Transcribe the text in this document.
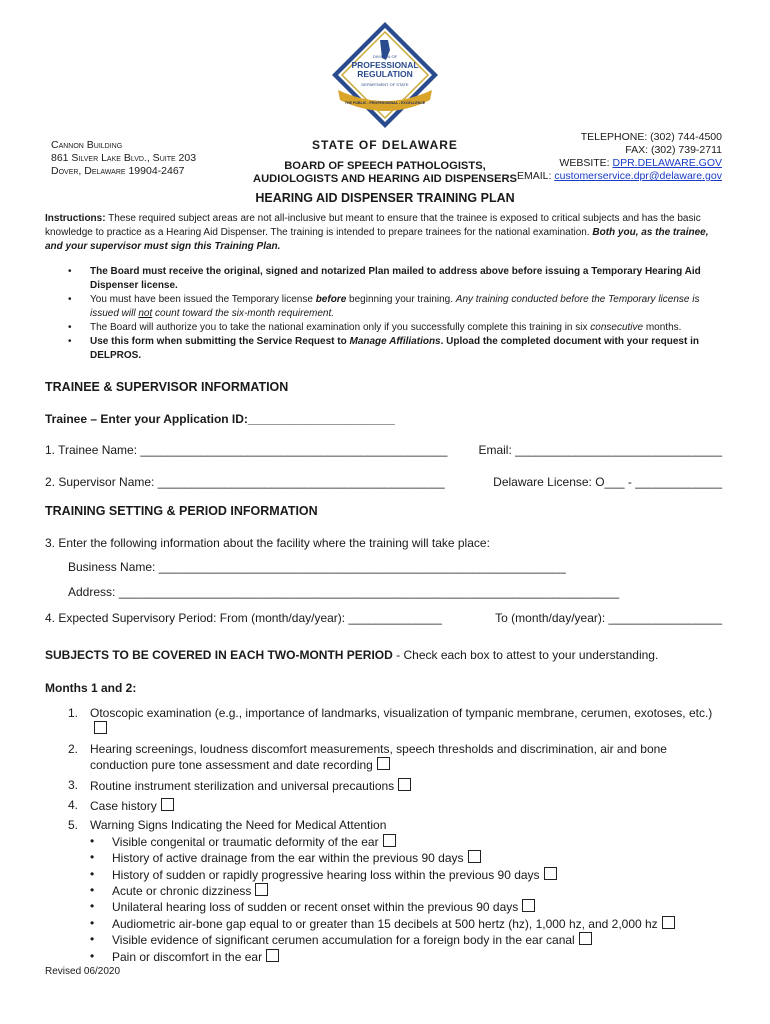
DIVISION OF
PROFESSIONAL
REGULATION
DEPARTMENT OF STATE
THE PUBLIC - PROFESSIONAL - EXCELLENCE
Cannon Building
861 Silver Lake Blvd., Suite 203
Dover, Delaware 19904-2467
STATE OF DELAWARE
BOARD OF SPEECH PATHOLOGISTS,
AUDIOLOGISTS AND HEARING AID DISPENSERS
TELEPHONE: (302) 744-4500
FAX: (302) 739-2711
WEBSITE: DPR.DELAWARE.GOV
EMAIL: customerservice.dpr@delaware.gov
HEARING AID DISPENSER TRAINING PLAN
Instructions: These required subject areas are not all-inclusive but meant to ensure that the trainee is exposed to critical subjects and has the basic knowledge to practice as a Hearing Aid Dispenser. The training is intended to prepare trainees for the national examination. Both you, as the trainee, and your supervisor must sign this Training Plan.
• The Board must receive the original, signed and notarized Plan mailed to address above before issuing a Temporary Hearing Aid Dispenser license.
• You must have been issued the Temporary license before beginning your training. Any training conducted before the Temporary license is issued will not count toward the six-month requirement.
• The Board will authorize you to take the national examination only if you successfully complete this training in six consecutive months.
• Use this form when submitting the Service Request to Manage Affiliations. Upload the completed document with your request in DELPROS.
TRAINEE & SUPERVISOR INFORMATION
Trainee – Enter your Application ID:______________________
1. Trainee Name: ______________________________________________	Email: _______________________________
2. Supervisor Name: ___________________________________________	Delaware License: O___ - _____________
TRAINING SETTING & PERIOD INFORMATION
3. Enter the following information about the facility where the training will take place:
Business Name: _____________________________________________________________
Address: ___________________________________________________________________________
4. Expected Supervisory Period: From (month/day/year): ______________	To (month/day/year): _________________
SUBJECTS TO BE COVERED IN EACH TWO-MONTH PERIOD - Check each box to attest to your understanding.
Months 1 and 2:
1. Otoscopic examination (e.g., importance of landmarks, visualization of tympanic membrane, cerumen, exotoses, etc.)
2. Hearing screenings, loudness discomfort measurements, speech thresholds and discrimination, air and bone conduction pure tone assessment and date recording
3. Routine instrument sterilization and universal precautions
4. Case history
5. Warning Signs Indicating the Need for Medical Attention
• Visible congenital or traumatic deformity of the ear
• History of active drainage from the ear within the previous 90 days
• History of sudden or rapidly progressive hearing loss within the previous 90 days
• Acute or chronic dizziness
• Unilateral hearing loss of sudden or recent onset within the previous 90 days
• Audiometric air-bone gap equal to or greater than 15 decibels at 500 hertz (hz), 1,000 hz, and 2,000 hz
• Visible evidence of significant cerumen accumulation for a foreign body in the ear canal
• Pain or discomfort in the ear
Revised 06/2020
